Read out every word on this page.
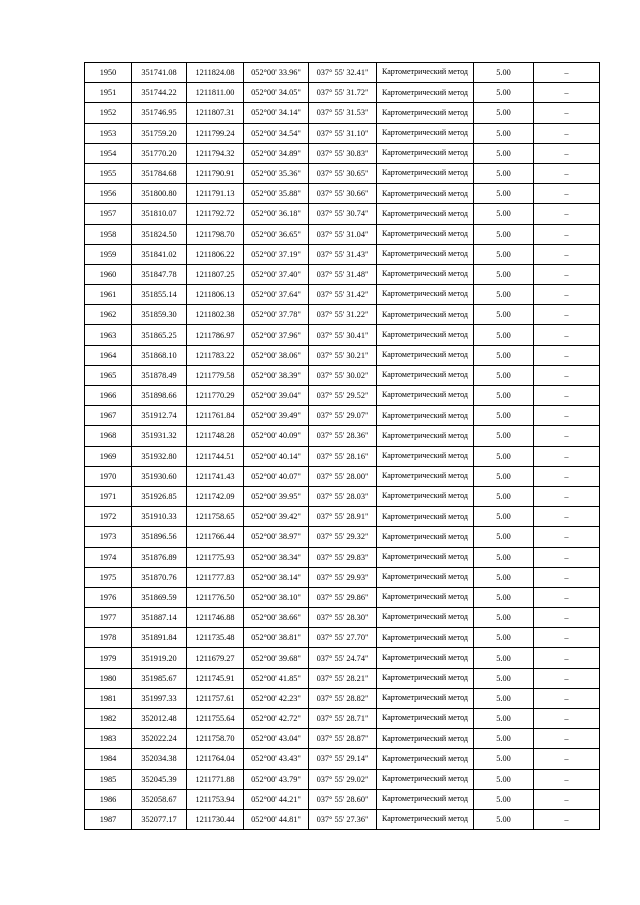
1950	351741.08	1211824.08	052°00' 33.96"	037° 55' 32.41"	Картометрический метод	5.00	–
1951	351744.22	1211811.00	052°00' 34.05"	037° 55' 31.72"	Картометрический метод	5.00	–
1952	351746.95	1211807.31	052°00' 34.14"	037° 55' 31.53"	Картометрический метод	5.00	–
1953	351759.20	1211799.24	052°00' 34.54"	037° 55' 31.10"	Картометрический метод	5.00	–
1954	351770.20	1211794.32	052°00' 34.89"	037° 55' 30.83"	Картометрический метод	5.00	–
1955	351784.68	1211790.91	052°00' 35.36"	037° 55' 30.65"	Картометрический метод	5.00	–
1956	351800.80	1211791.13	052°00' 35.88"	037° 55' 30.66"	Картометрический метод	5.00	–
1957	351810.07	1211792.72	052°00' 36.18"	037° 55' 30.74"	Картометрический метод	5.00	–
1958	351824.50	1211798.70	052°00' 36.65"	037° 55' 31.04"	Картометрический метод	5.00	–
1959	351841.02	1211806.22	052°00' 37.19"	037° 55' 31.43"	Картометрический метод	5.00	–
1960	351847.78	1211807.25	052°00' 37.40"	037° 55' 31.48"	Картометрический метод	5.00	–
1961	351855.14	1211806.13	052°00' 37.64"	037° 55' 31.42"	Картометрический метод	5.00	–
1962	351859.30	1211802.38	052°00' 37.78"	037° 55' 31.22"	Картометрический метод	5.00	–
1963	351865.25	1211786.97	052°00' 37.96"	037° 55' 30.41"	Картометрический метод	5.00	–
1964	351868.10	1211783.22	052°00' 38.06"	037° 55' 30.21"	Картометрический метод	5.00	–
1965	351878.49	1211779.58	052°00' 38.39"	037° 55' 30.02"	Картометрический метод	5.00	–
1966	351898.66	1211770.29	052°00' 39.04"	037° 55' 29.52"	Картометрический метод	5.00	–
1967	351912.74	1211761.84	052°00' 39.49"	037° 55' 29.07"	Картометрический метод	5.00	–
1968	351931.32	1211748.28	052°00' 40.09"	037° 55' 28.36"	Картометрический метод	5.00	–
1969	351932.80	1211744.51	052°00' 40.14"	037° 55' 28.16"	Картометрический метод	5.00	–
1970	351930.60	1211741.43	052°00' 40.07"	037° 55' 28.00"	Картометрический метод	5.00	–
1971	351926.85	1211742.09	052°00' 39.95"	037° 55' 28.03"	Картометрический метод	5.00	–
1972	351910.33	1211758.65	052°00' 39.42"	037° 55' 28.91"	Картометрический метод	5.00	–
1973	351896.56	1211766.44	052°00' 38.97"	037° 55' 29.32"	Картометрический метод	5.00	–
1974	351876.89	1211775.93	052°00' 38.34"	037° 55' 29.83"	Картометрический метод	5.00	–
1975	351870.76	1211777.83	052°00' 38.14"	037° 55' 29.93"	Картометрический метод	5.00	–
1976	351869.59	1211776.50	052°00' 38.10"	037° 55' 29.86"	Картометрический метод	5.00	–
1977	351887.14	1211746.88	052°00' 38.66"	037° 55' 28.30"	Картометрический метод	5.00	–
1978	351891.84	1211735.48	052°00' 38.81"	037° 55' 27.70"	Картометрический метод	5.00	–
1979	351919.20	1211679.27	052°00' 39.68"	037° 55' 24.74"	Картометрический метод	5.00	–
1980	351985.67	1211745.91	052°00' 41.85"	037° 55' 28.21"	Картометрический метод	5.00	–
1981	351997.33	1211757.61	052°00' 42.23"	037° 55' 28.82"	Картометрический метод	5.00	–
1982	352012.48	1211755.64	052°00' 42.72"	037° 55' 28.71"	Картометрический метод	5.00	–
1983	352022.24	1211758.70	052°00' 43.04"	037° 55' 28.87"	Картометрический метод	5.00	–
1984	352034.38	1211764.04	052°00' 43.43"	037° 55' 29.14"	Картометрический метод	5.00	–
1985	352045.39	1211771.88	052°00' 43.79"	037° 55' 29.02"	Картометрический метод	5.00	–
1986	352058.67	1211753.94	052°00' 44.21"	037° 55' 28.60"	Картометрический метод	5.00	–
1987	352077.17	1211730.44	052°00' 44.81"	037° 55' 27.36"	Картометрический метод	5.00	–
